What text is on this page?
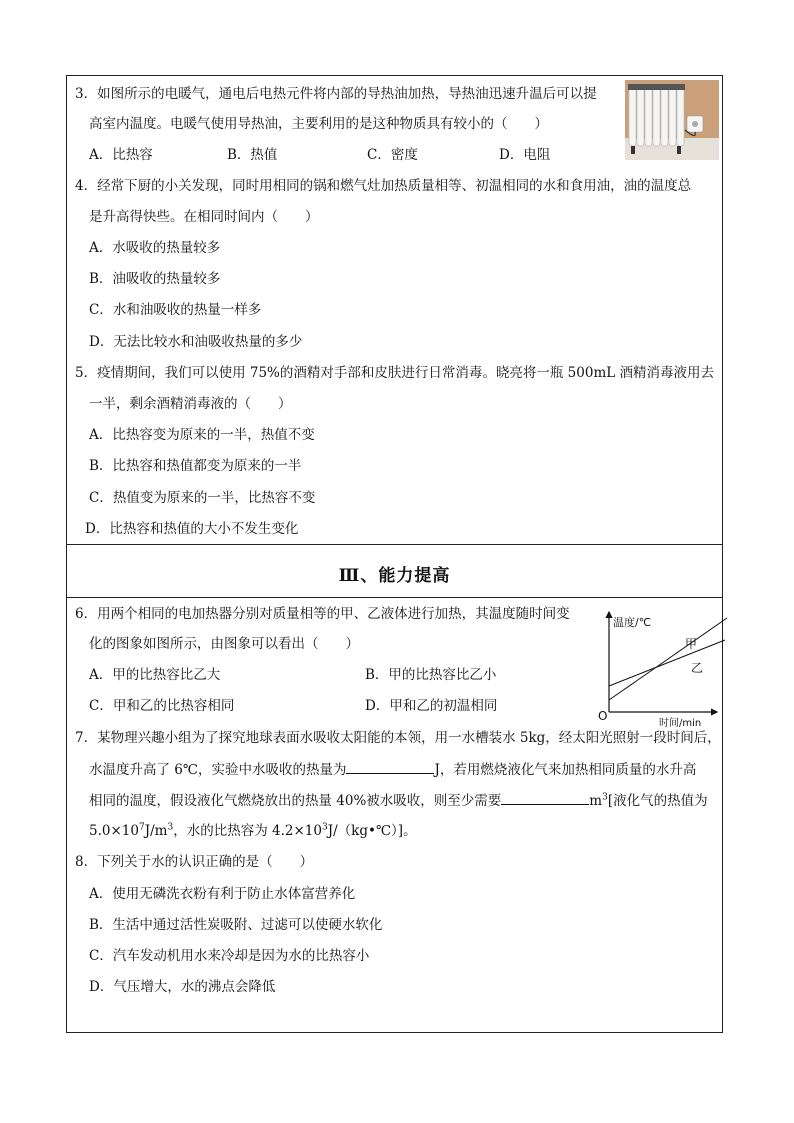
3．如图所示的电暖气，通电后电热元件将内部的导热油加热，导热油迅速升温后可以提
高室内温度。电暖气使用导热油，主要利用的是这种物质具有较小的（　　）
A．比热容	B．热值	C．密度	D．电阻
4．经常下厨的小关发现，同时用相同的锅和燃气灶加热质量相等、初温相同的水和食用油，油的温度总
是升高得快些。在相同时间内（　　）
A．水吸收的热量较多
B．油吸收的热量较多
C．水和油吸收的热量一样多
D．无法比较水和油吸收热量的多少
5．疫情期间，我们可以使用 75%的酒精对手部和皮肤进行日常消毒。晓亮将一瓶 500mL 酒精消毒液用去
一半，剩余酒精消毒液的（　　）
A．比热容变为原来的一半，热值不变
B．比热容和热值都变为原来的一半
C．热值变为原来的一半，比热容不变
D．比热容和热值的大小不发生变化
Ⅲ、能力提高
6．用两个相同的电加热器分别对质量相等的甲、乙液体进行加热，其温度随时间变
化的图象如图所示，由图象可以看出（　　）
A．甲的比热容比乙大	B．甲的比热容比乙小
C．甲和乙的比热容相同	D．甲和乙的初温相同
温度/℃
时间/min
O
甲
乙
7．某物理兴趣小组为了探究地球表面水吸收太阳能的本领，用一水槽装水 5kg，经太阳光照射一段时间后，
水温度升高了 6℃，实验中水吸收的热量为	J，若用燃烧液化气来加热相同质量的水升高
相同的温度，假设液化气燃烧放出的热量 40%被水吸收，则至少需要	$m^3$[液化气的热值为
$5.0\times 10^7J/m^3$，水的比热容为 $4.2\times 10^3J/(kg•℃)$]。
8．下列关于水的认识正确的是（　　）
A．使用无磷洗衣粉有利于防止水体富营养化
B．生活中通过活性炭吸附、过滤可以使硬水软化
C．汽车发动机用水来冷却是因为水的比热容小
D．气压增大，水的沸点会降低
